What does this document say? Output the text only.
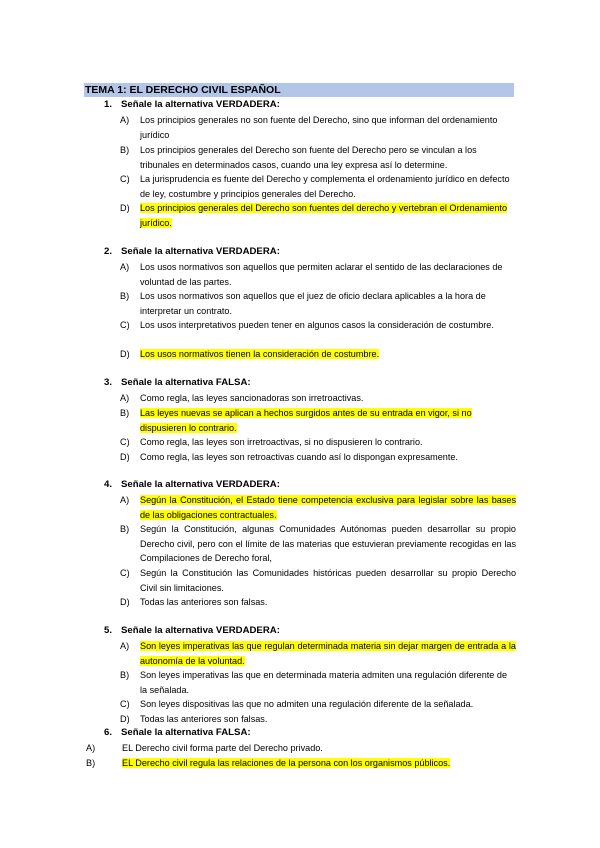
TEMA 1: EL DERECHO CIVIL ESPAÑOL
1. Señale la alternativa VERDADERA:
A)	Los principios generales no son fuente del Derecho, sino que informan del ordenamiento jurídico
B)	Los principios generales del Derecho son fuente del Derecho pero se vinculan a los tribunales en determinados casos, cuando una ley expresa así lo determine.
C)	La jurisprudencia es fuente del Derecho y complementa el ordenamiento jurídico en defecto de ley, costumbre y principios generales del Derecho.
D)	Los principios generales del Derecho son fuentes del derecho y vertebran el Ordenamiento jurídico.
2. Señale la alternativa VERDADERA:
A)	Los usos normativos son aquellos que permiten aclarar el sentido de las declaraciones de voluntad de las partes.
B)	Los usos normativos son aquellos que el juez de oficio declara aplicables a la hora de interpretar un contrato.
C)	Los usos interpretativos pueden tener en algunos casos la consideración de costumbre.
D)	Los usos normativos tienen la consideración de costumbre.
3. Señale la alternativa FALSA:
A)	Como regla, las leyes sancionadoras son irretroactivas.
B)	Las leyes nuevas se aplican a hechos surgidos antes de su entrada en vigor, si no dispusieren lo contrario.
C)	Como regla, las leyes son irretroactivas, si no dispusieren lo contrario.
D)	Como regla, las leyes son retroactivas cuando así lo dispongan expresamente.
4. Señale la alternativa VERDADERA:
A)	Según la Constitución, el Estado tiene competencia exclusiva para legislar sobre las bases de las obligaciones contractuales.
B)	Según la Constitución, algunas Comunidades Autónomas pueden desarrollar su propio Derecho civil, pero con el límite de las materias que estuvieran previamente recogidas en las Compilaciones de Derecho foral,
C)	Según la Constitución las Comunidades históricas pueden desarrollar su propio Derecho Civil sin limitaciones.
D)	Todas las anteriores son falsas.
5. Señale la alternativa VERDADERA:
A)	Son leyes imperativas las que regulan determinada materia sin dejar margen de entrada a la autonomía de la voluntad.
B)	Son leyes imperativas las que en determinada materia admiten una regulación diferente de la señalada.
C)	Son leyes dispositivas las que no admiten una regulación diferente de la señalada.
D)	Todas las anteriores son falsas.
6. Señale la alternativa FALSA:
A)	EL Derecho civil forma parte del Derecho privado.
B)	EL Derecho civil regula las relaciones de la persona con los organismos públicos.
